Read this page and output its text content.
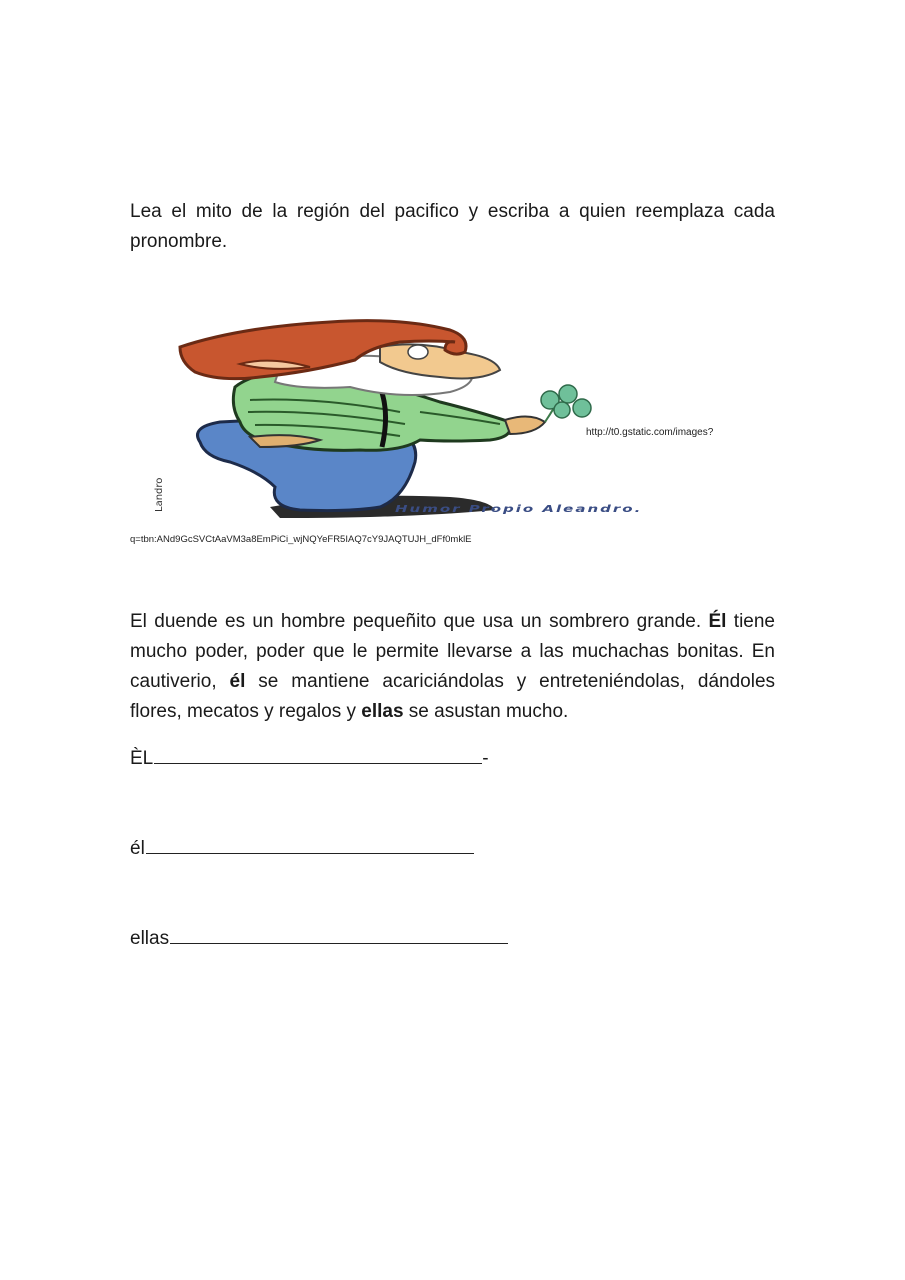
Lea el mito de la región del pacifico y escriba a quien reemplaza cada pronombre.

Landro	Humor Propio Aleandro.
http://t0.gstatic.com/images?
q=tbn:ANd9GcSVCtAaVM3a8EmPiCi_wjNQYeFR5IAQ7cY9JAQTUJH_dFf0mklE

El duende es un hombre pequeñito que usa un sombrero grande. Él tiene mucho poder, poder que le permite llevarse a las muchachas bonitas. En cautiverio, él se mantiene acariciándolas y entreteniéndolas, dándoles flores, mecatos y regalos y ellas se asustan mucho.

ÈL	-
él
ellas
